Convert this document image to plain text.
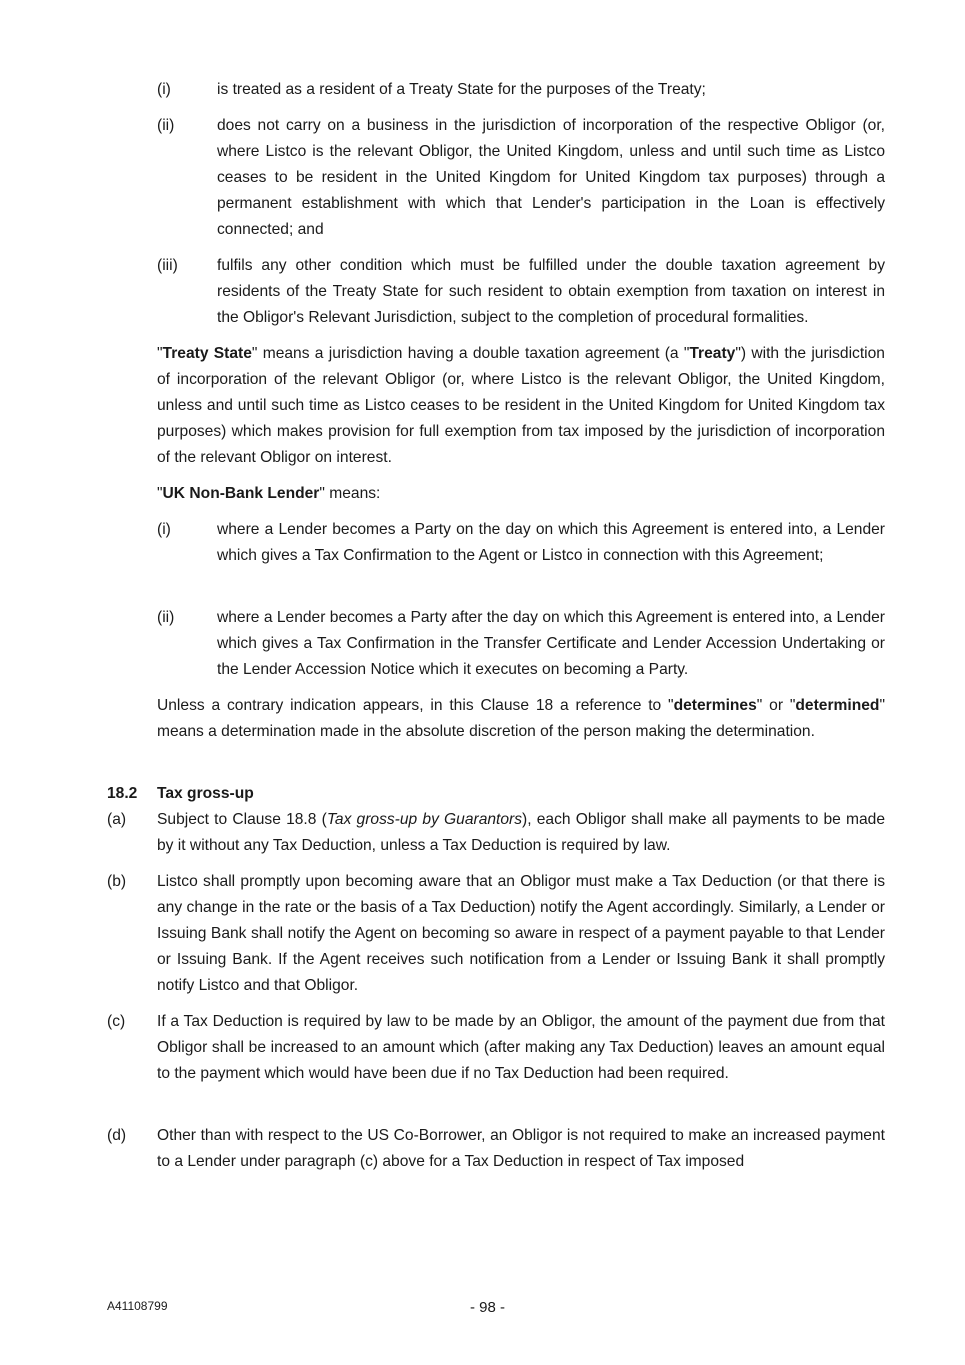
(i)	is treated as a resident of a Treaty State for the purposes of the Treaty;
(ii)	does not carry on a business in the jurisdiction of incorporation of the respective Obligor (or, where Listco is the relevant Obligor, the United Kingdom, unless and until such time as Listco ceases to be resident in the United Kingdom for United Kingdom tax purposes) through a permanent establishment with which that Lender's participation in the Loan is effectively connected; and
(iii)	fulfils any other condition which must be fulfilled under the double taxation agreement by residents of the Treaty State for such resident to obtain exemption from taxation on interest in the Obligor's Relevant Jurisdiction, subject to the completion of procedural formalities.
"Treaty State" means a jurisdiction having a double taxation agreement (a "Treaty") with the jurisdiction of incorporation of the relevant Obligor (or, where Listco is the relevant Obligor, the United Kingdom, unless and until such time as Listco ceases to be resident in the United Kingdom for United Kingdom tax purposes) which makes provision for full exemption from tax imposed by the jurisdiction of incorporation of the relevant Obligor on interest.
"UK Non-Bank Lender" means:
(i)	where a Lender becomes a Party on the day on which this Agreement is entered into, a Lender which gives a Tax Confirmation to the Agent or Listco in connection with this Agreement;
(ii)	where a Lender becomes a Party after the day on which this Agreement is entered into, a Lender which gives a Tax Confirmation in the Transfer Certificate and Lender Accession Undertaking or the Lender Accession Notice which it executes on becoming a Party.
Unless a contrary indication appears, in this Clause 18 a reference to "determines" or "determined" means a determination made in the absolute discretion of the person making the determination.
18.2 Tax gross-up
(a) Subject to Clause 18.8 (Tax gross-up by Guarantors), each Obligor shall make all payments to be made by it without any Tax Deduction, unless a Tax Deduction is required by law.
(b) Listco shall promptly upon becoming aware that an Obligor must make a Tax Deduction (or that there is any change in the rate or the basis of a Tax Deduction) notify the Agent accordingly. Similarly, a Lender or Issuing Bank shall notify the Agent on becoming so aware in respect of a payment payable to that Lender or Issuing Bank. If the Agent receives such notification from a Lender or Issuing Bank it shall promptly notify Listco and that Obligor.
(c) If a Tax Deduction is required by law to be made by an Obligor, the amount of the payment due from that Obligor shall be increased to an amount which (after making any Tax Deduction) leaves an amount equal to the payment which would have been due if no Tax Deduction had been required.
(d) Other than with respect to the US Co-Borrower, an Obligor is not required to make an increased payment to a Lender under paragraph (c) above for a Tax Deduction in respect of Tax imposed
A41108799	- 98 -
